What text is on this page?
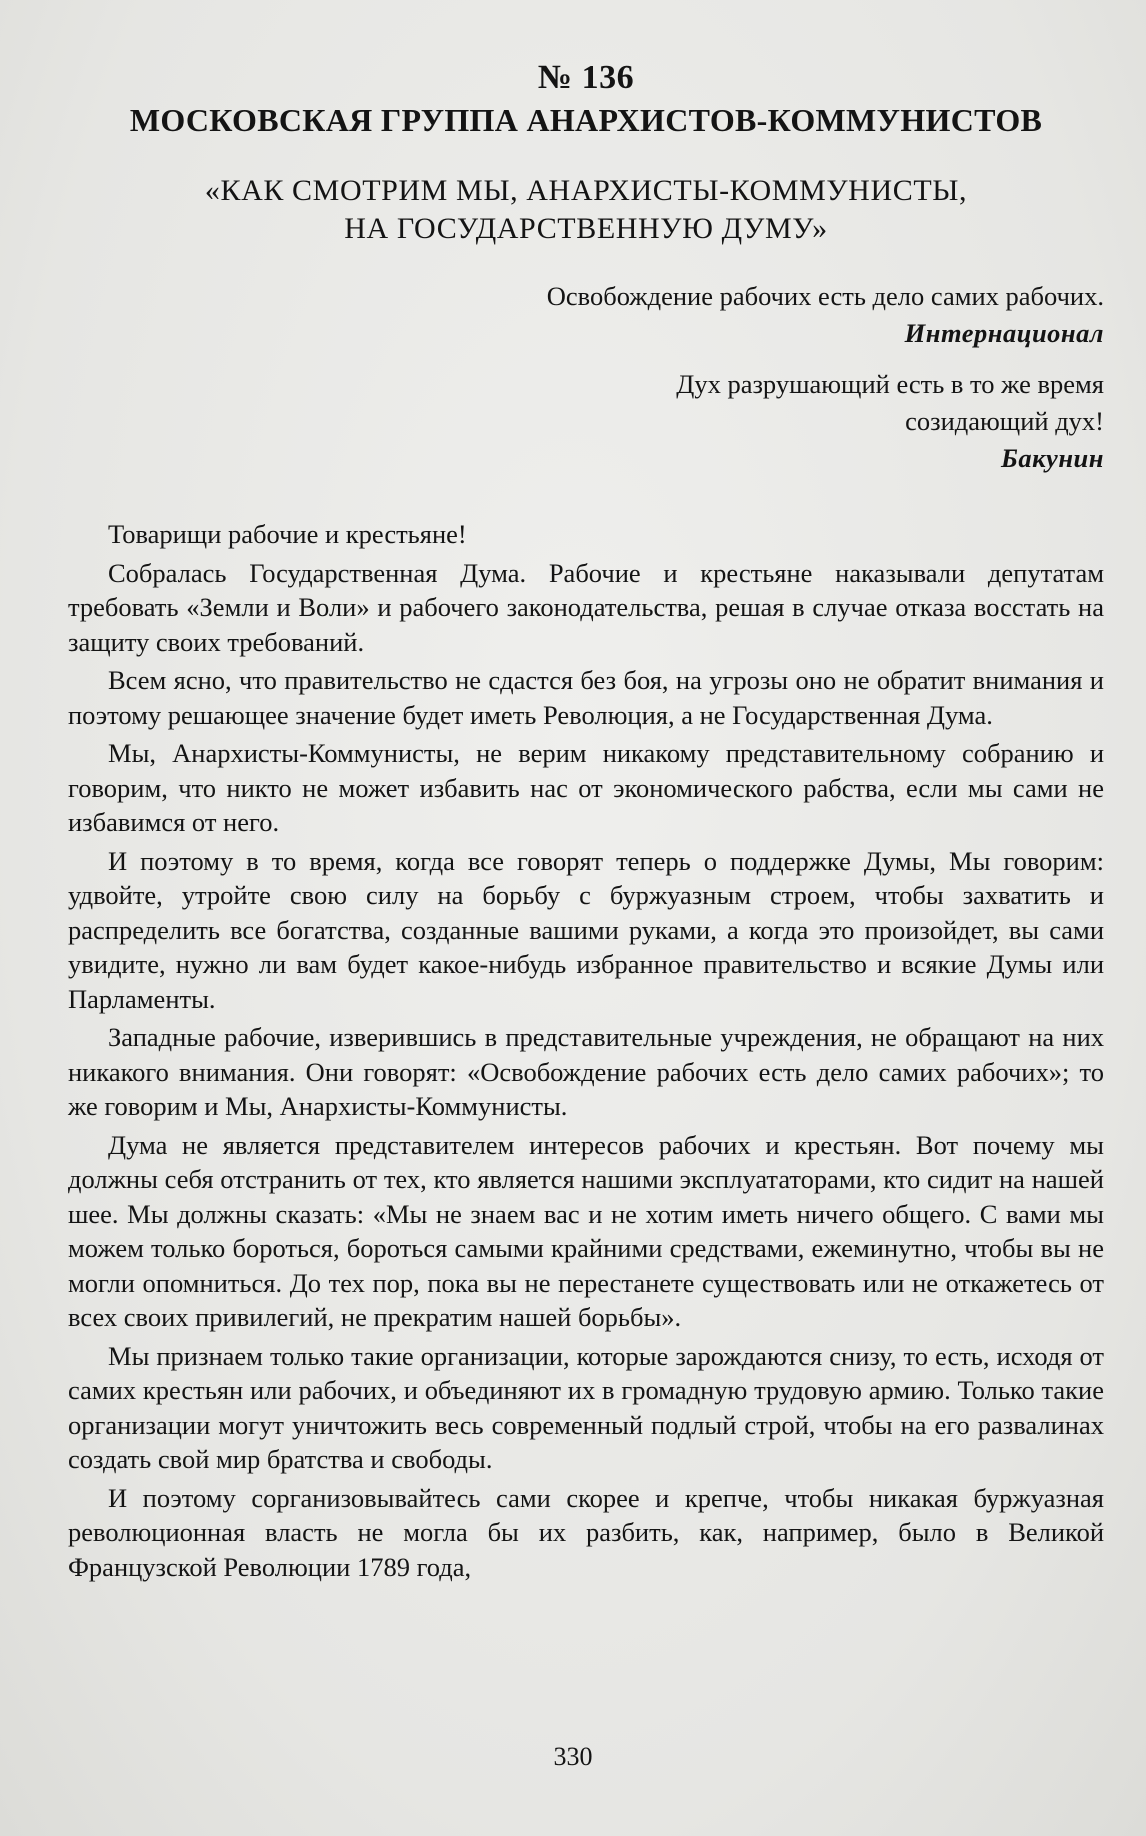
№ 136
МОСКОВСКАЯ ГРУППА АНАРХИСТОВ-КОММУНИСТОВ
«КАК СМОТРИМ МЫ, АНАРХИСТЫ-КОММУНИСТЫ,
НА ГОСУДАРСТВЕННУЮ ДУМУ»
Освобождение рабочих есть дело самих рабочих.
Интернационал
Дух разрушающий есть в то же время
созидающий дух!
Бакунин

Товарищи рабочие и крестьяне!

Собралась Государственная Дума. Рабочие и крестьяне наказывали депутатам требовать «Земли и Воли» и рабочего законодательства, решая в случае отказа восстать на защиту своих требований.

Всем ясно, что правительство не сдастся без боя, на угрозы оно не обратит внимания и поэтому решающее значение будет иметь Революция, а не Государственная Дума.

Мы, Анархисты-Коммунисты, не верим никакому представительному собранию и говорим, что никто не может избавить нас от экономического рабства, если мы сами не избавимся от него.

И поэтому в то время, когда все говорят теперь о поддержке Думы, Мы говорим: удвойте, утройте свою силу на борьбу с буржуазным строем, чтобы захватить и распределить все богатства, созданные вашими руками, а когда это произойдет, вы сами увидите, нужно ли вам будет какое-нибудь избранное правительство и всякие Думы или Парламенты.

Западные рабочие, изверившись в представительные учреждения, не обращают на них никакого внимания. Они говорят: «Освобождение рабочих есть дело самих рабочих»; то же говорим и Мы, Анархисты-Коммунисты.

Дума не является представителем интересов рабочих и крестьян. Вот почему мы должны себя отстранить от тех, кто является нашими эксплуататорами, кто сидит на нашей шее. Мы должны сказать: «Мы не знаем вас и не хотим иметь ничего общего. С вами мы можем только бороться, бороться самыми крайними средствами, ежеминутно, чтобы вы не могли опомниться. До тех пор, пока вы не перестанете существовать или не откажетесь от всех своих привилегий, не прекратим нашей борьбы».

Мы признаем только такие организации, которые зарождаются снизу, то есть, исходя от самих крестьян или рабочих, и объединяют их в громадную трудовую армию. Только такие организации могут уничтожить весь современный подлый строй, чтобы на его развалинах создать свой мир братства и свободы.

И поэтому сорганизовывайтесь сами скорее и крепче, чтобы никакая буржуазная революционная власть не могла бы их разбить, как, например, было в Великой Французской Революции 1789 года,

330
